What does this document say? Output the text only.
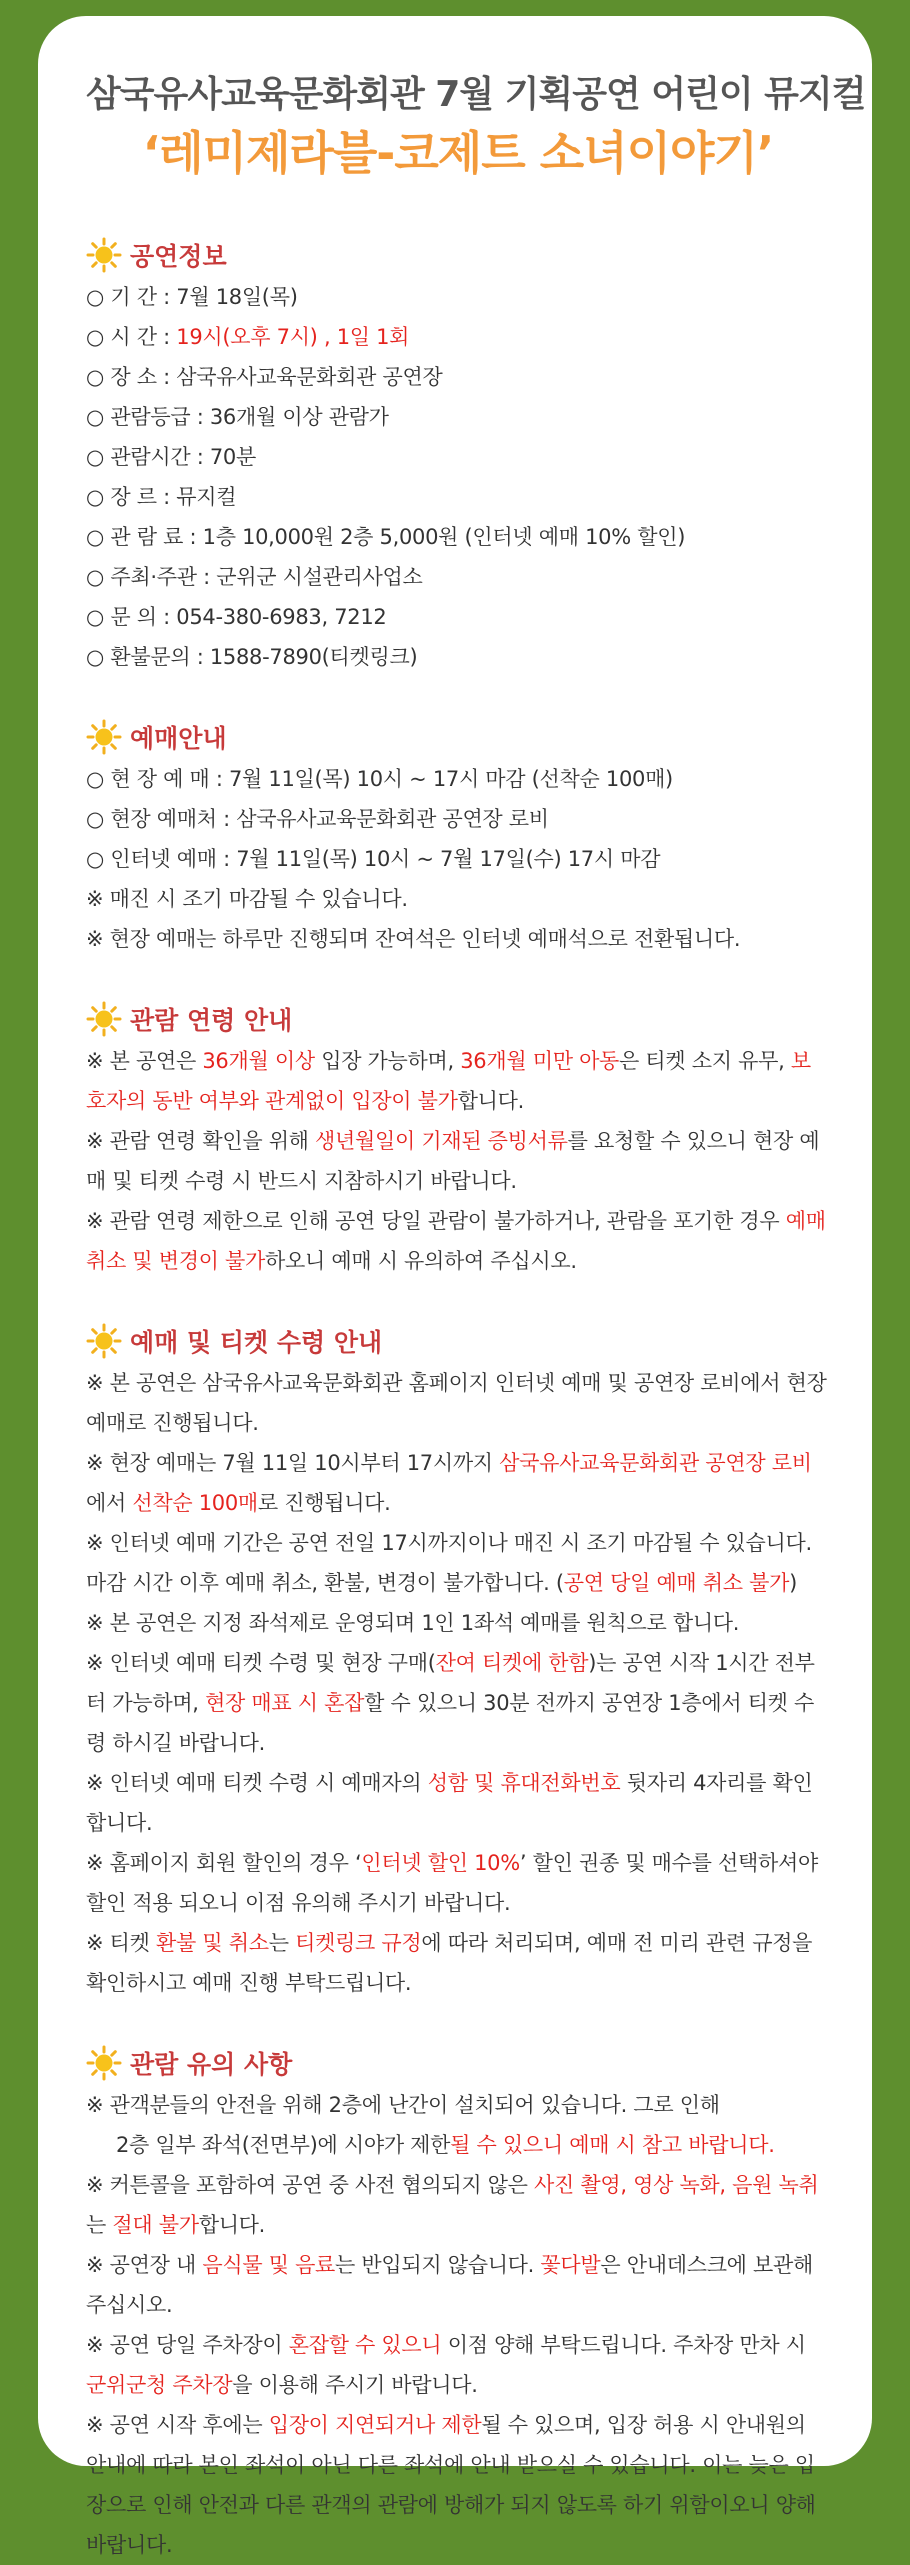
삼국유사교육문화회관 7월 기획공연 어린이 뮤지컬
‘레미제라블-코제트 소녀이야기’
공연정보
○ 기 간 : 7월 18일(목)
○ 시 간 : 19시(오후 7시) , 1일 1회
○ 장 소 : 삼국유사교육문화회관 공연장
○ 관람등급 : 36개월 이상 관람가
○ 관람시간 : 70분
○ 장 르 : 뮤지컬
○ 관 람 료 : 1층 10,000원 2층 5,000원 (인터넷 예매 10% 할인)
○ 주최·주관 : 군위군 시설관리사업소
○ 문 의 : 054-380-6983, 7212
○ 환불문의 : 1588-7890(티켓링크)
예매안내
○ 현 장 예 매 : 7월 11일(목) 10시 ~ 17시 마감 (선착순 100매)
○ 현장 예매처 : 삼국유사교육문화회관 공연장 로비
○ 인터넷 예매 : 7월 11일(목) 10시 ~ 7월 17일(수) 17시 마감
※ 매진 시 조기 마감될 수 있습니다.
※ 현장 예매는 하루만 진행되며 잔여석은 인터넷 예매석으로 전환됩니다.
관람 연령 안내
※ 본 공연은 36개월 이상 입장 가능하며, 36개월 미만 아동은 티켓 소지 유무, 보호자의 동반 여부와 관계없이 입장이 불가합니다.
※ 관람 연령 확인을 위해 생년월일이 기재된 증빙서류를 요청할 수 있으니 현장 예매 및 티켓 수령 시 반드시 지참하시기 바랍니다.
※ 관람 연령 제한으로 인해 공연 당일 관람이 불가하거나, 관람을 포기한 경우 예매 취소 및 변경이 불가하오니 예매 시 유의하여 주십시오.
예매 및 티켓 수령 안내
※ 본 공연은 삼국유사교육문화회관 홈페이지 인터넷 예매 및 공연장 로비에서 현장 예매로 진행됩니다.
※ 현장 예매는 7월 11일 10시부터 17시까지 삼국유사교육문화회관 공연장 로비에서 선착순 100매로 진행됩니다.
※ 인터넷 예매 기간은 공연 전일 17시까지이나 매진 시 조기 마감될 수 있습니다. 마감 시간 이후 예매 취소, 환불, 변경이 불가합니다. (공연 당일 예매 취소 불가)
※ 본 공연은 지정 좌석제로 운영되며 1인 1좌석 예매를 원칙으로 합니다.
※ 인터넷 예매 티켓 수령 및 현장 구매(잔여 티켓에 한함)는 공연 시작 1시간 전부터 가능하며, 현장 매표 시 혼잡할 수 있으니 30분 전까지 공연장 1층에서 티켓 수령 하시길 바랍니다.
※ 인터넷 예매 티켓 수령 시 예매자의 성함 및 휴대전화번호 뒷자리 4자리를 확인합니다.
※ 홈페이지 회원 할인의 경우 ‘인터넷 할인 10%’ 할인 권종 및 매수를 선택하셔야 할인 적용 되오니 이점 유의해 주시기 바랍니다.
※ 티켓 환불 및 취소는 티켓링크 규정에 따라 처리되며, 예매 전 미리 관련 규정을 확인하시고 예매 진행 부탁드립니다.
관람 유의 사항
※ 관객분들의 안전을 위해 2층에 난간이 설치되어 있습니다. 그로 인해
2층 일부 좌석(전면부)에 시야가 제한될 수 있으니 예매 시 참고 바랍니다.
※ 커튼콜을 포함하여 공연 중 사전 협의되지 않은 사진 촬영, 영상 녹화, 음원 녹취는 절대 불가합니다.
※ 공연장 내 음식물 및 음료는 반입되지 않습니다. 꽃다발은 안내데스크에 보관해주십시오.
※ 공연 당일 주차장이 혼잡할 수 있으니 이점 양해 부탁드립니다. 주차장 만차 시 군위군청 주차장을 이용해 주시기 바랍니다.
※ 공연 시작 후에는 입장이 지연되거나 제한될 수 있으며, 입장 허용 시 안내원의 안내에 따라 본인 좌석이 아닌 다른 좌석에 안내 받으실 수 있습니다. 이는 늦은 입장으로 인해 안전과 다른 관객의 관람에 방해가 되지 않도록 하기 위함이오니 양해 바랍니다.
